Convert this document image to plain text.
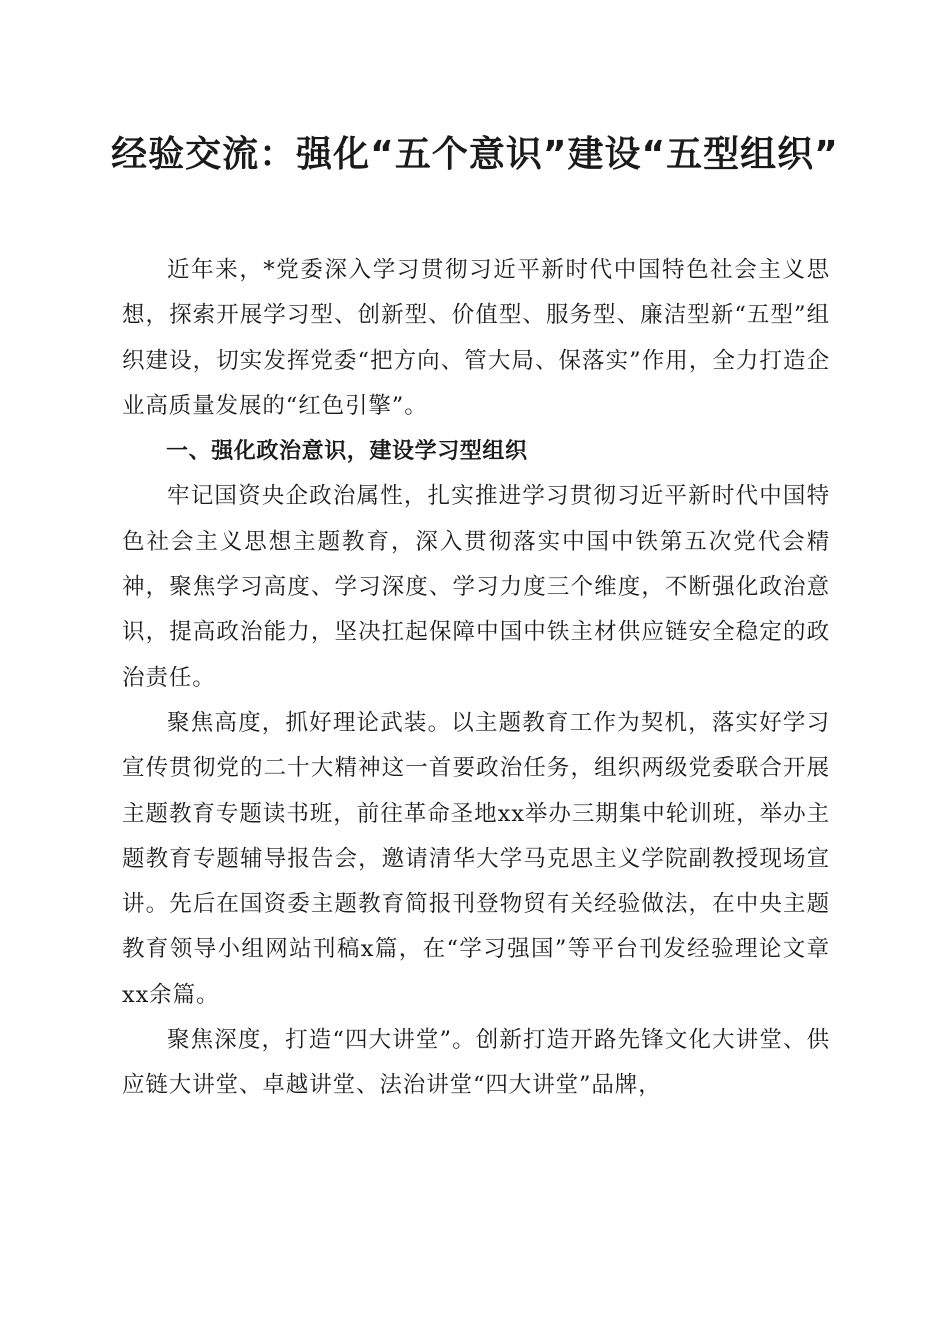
经验交流：强化“五个意识”建设“五型组织”

近年来，*党委深入学习贯彻习近平新时代中国特色社会主义思想，探索开展学习型、创新型、价值型、服务型、廉洁型新“五型”组织建设，切实发挥党委“把方向、管大局、保落实”作用，全力打造企业高质量发展的“红色引擎”。

一、强化政治意识，建设学习型组织

牢记国资央企政治属性，扎实推进学习贯彻习近平新时代中国特色社会主义思想主题教育，深入贯彻落实中国中铁第五次党代会精神，聚焦学习高度、学习深度、学习力度三个维度，不断强化政治意识，提高政治能力，坚决扛起保障中国中铁主材供应链安全稳定的政治责任。

聚焦高度，抓好理论武装。以主题教育工作为契机，落实好学习宣传贯彻党的二十大精神这一首要政治任务，组织两级党委联合开展主题教育专题读书班，前往革命圣地xx举办三期集中轮训班，举办主题教育专题辅导报告会，邀请清华大学马克思主义学院副教授现场宣讲。先后在国资委主题教育简报刊登物贸有关经验做法，在中央主题教育领导小组网站刊稿x篇，在“学习强国”等平台刊发经验理论文章xx余篇。

聚焦深度，打造“四大讲堂”。创新打造开路先锋文化大讲堂、供应链大讲堂、卓越讲堂、法治讲堂“四大讲堂”品牌，
